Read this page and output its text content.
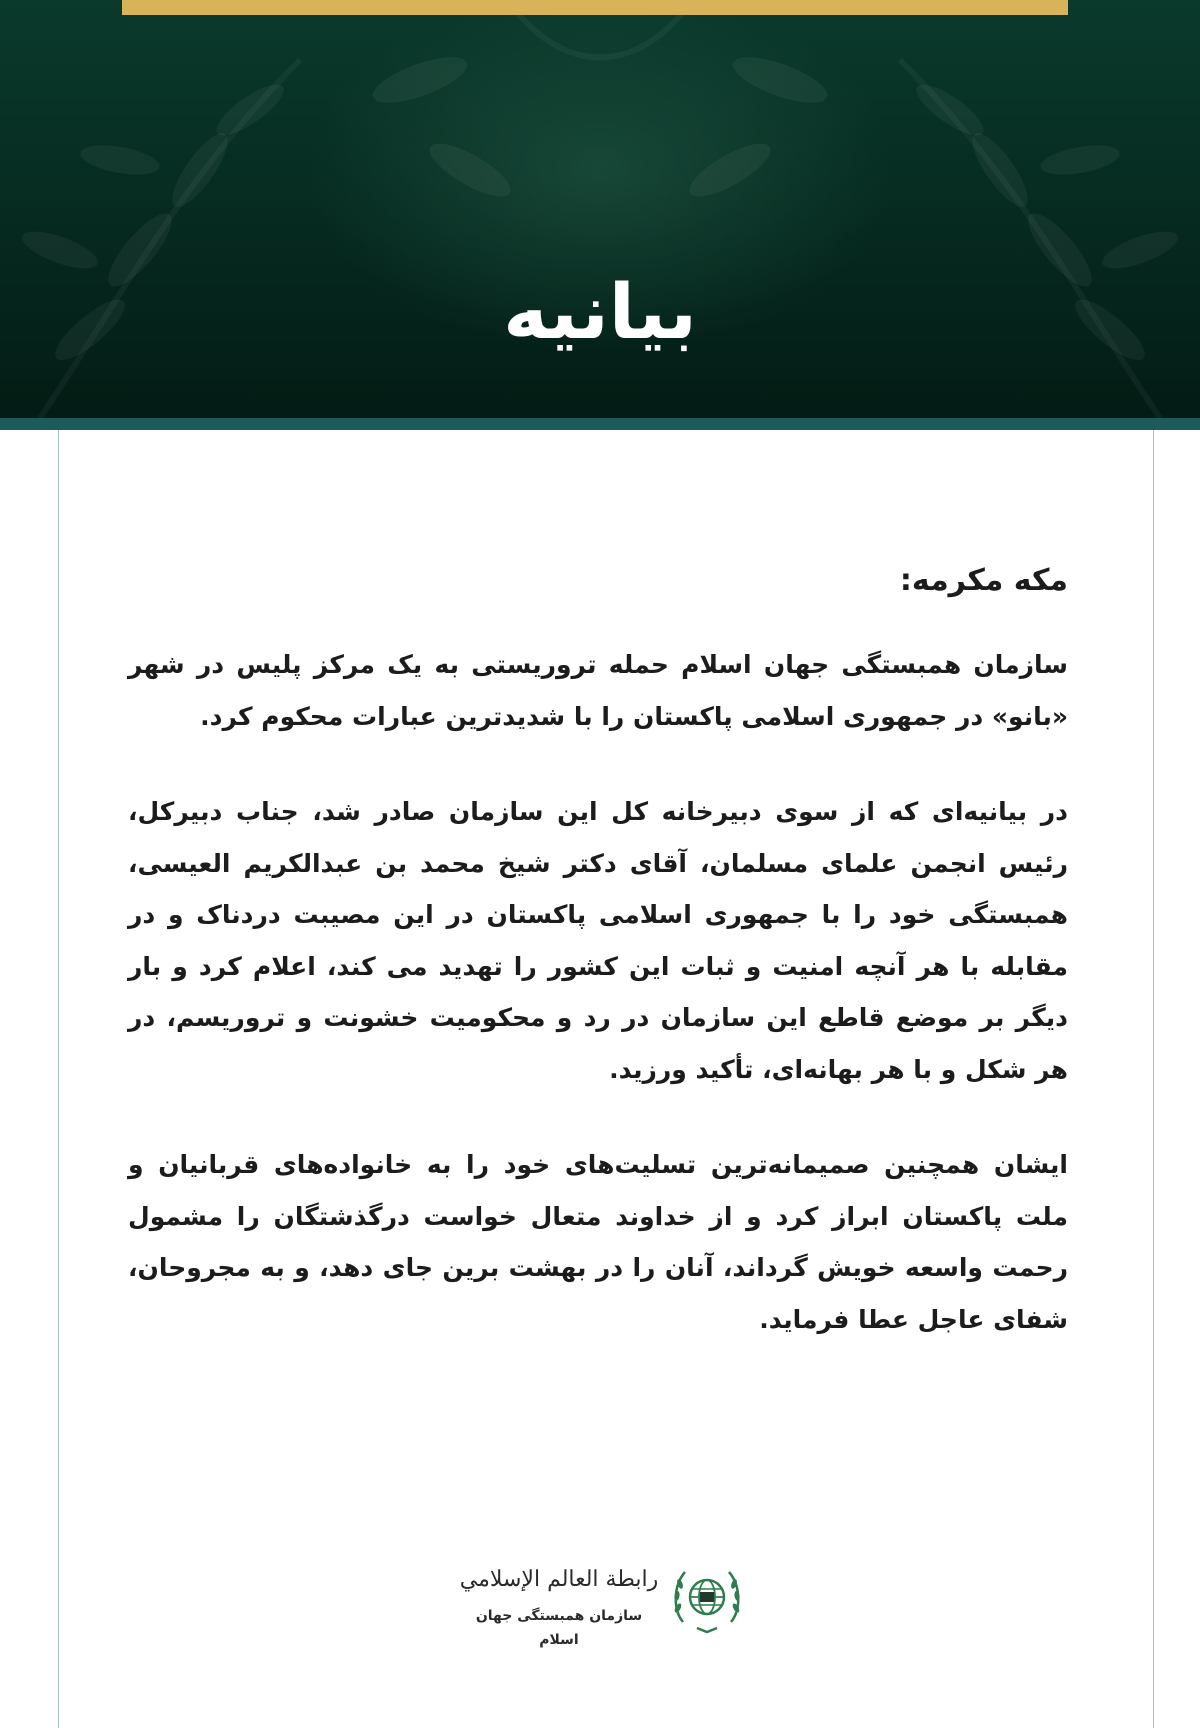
بیانیه

مکه مکرمه:

سازمان همبستگی جهان اسلام حمله تروریستی به یک مرکز پلیس در شهر «بانو» در جمهوری اسلامی پاکستان را با شدیدترین عبارات محکوم کرد.

در بیانیه‌ای که از سوی دبیرخانه کل این سازمان صادر شد، جناب دبیرکل، رئیس انجمن علمای مسلمان، آقای دکتر شیخ محمد بن عبدالکریم العیسی، همبستگی خود را با جمهوری اسلامی پاکستان در این مصیبت دردناک و در مقابله با هر آنچه امنیت و ثبات این کشور را تهدید می کند، اعلام کرد و بار دیگر بر موضع قاطع این سازمان در رد و محکومیت خشونت و تروریسم، در هر شکل و با هر بهانه‌ای، تأکید ورزید.

ایشان همچنین صمیمانه‌ترین تسلیت‌های خود را به خانواده‌های قربانیان و ملت پاکستان ابراز کرد و از خداوند متعال خواست درگذشتگان را مشمول رحمت واسعه خویش گرداند، آنان را در بهشت برین جای دهد، و به مجروحان، شفای عاجل عطا فرماید.

رابطة العالم الإسلامي
سازمان همبستگی جهان اسلام
